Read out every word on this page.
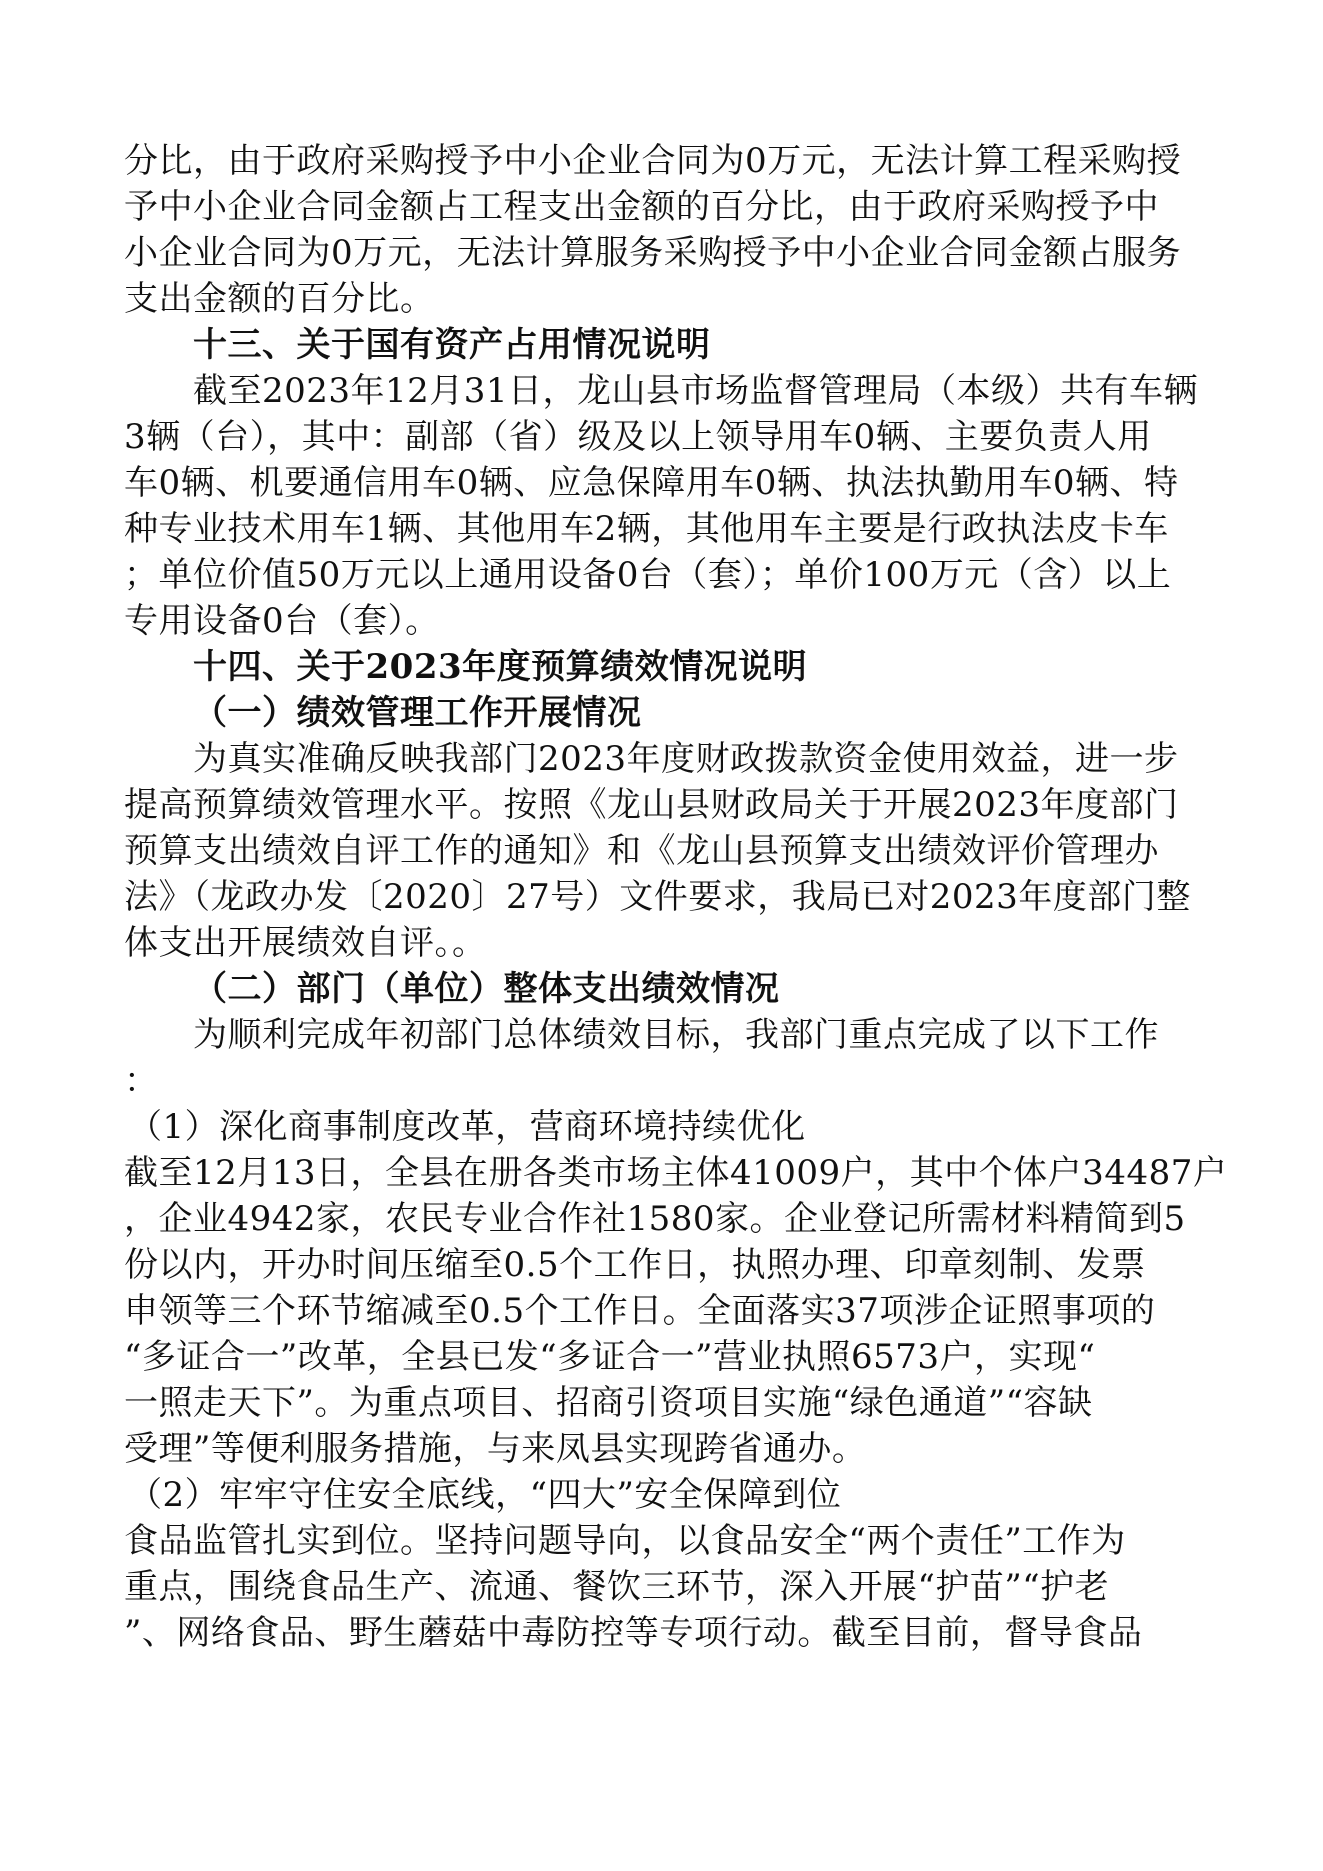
分比，由于政府采购授予中小企业合同为0万元，无法计算工程采购授
予中小企业合同金额占工程支出金额的百分比，由于政府采购授予中
小企业合同为0万元，无法计算服务采购授予中小企业合同金额占服务
支出金额的百分比。
十三、关于国有资产占用情况说明
截至2023年12月31日，龙山县市场监督管理局（本级）共有车辆
3辆（台），其中：副部（省）级及以上领导用车0辆、主要负责人用
车0辆、机要通信用车0辆、应急保障用车0辆、执法执勤用车0辆、特
种专业技术用车1辆、其他用车2辆，其他用车主要是行政执法皮卡车
；单位价值50万元以上通用设备0台（套）；单价100万元（含）以上
专用设备0台（套）。
十四、关于2023年度预算绩效情况说明
（一）绩效管理工作开展情况
为真实准确反映我部门2023年度财政拨款资金使用效益，进一步
提高预算绩效管理水平。按照《龙山县财政局关于开展2023年度部门
预算支出绩效自评工作的通知》和《龙山县预算支出绩效评价管理办
法》（龙政办发〔2020〕27号）文件要求，我局已对2023年度部门整
体支出开展绩效自评。。
（二）部门（单位）整体支出绩效情况
为顺利完成年初部门总体绩效目标，我部门重点完成了以下工作
：
（1）深化商事制度改革，营商环境持续优化
截至12月13日，全县在册各类市场主体41009户，其中个体户34487户
，企业4942家，农民专业合作社1580家。企业登记所需材料精简到5
份以内，开办时间压缩至0.5个工作日，执照办理、印章刻制、发票
申领等三个环节缩减至0.5个工作日。全面落实37项涉企证照事项的
“多证合一”改革，全县已发“多证合一”营业执照6573户，实现“
一照走天下”。为重点项目、招商引资项目实施“绿色通道”“容缺
受理”等便利服务措施，与来凤县实现跨省通办。
（2）牢牢守住安全底线，“四大”安全保障到位
食品监管扎实到位。坚持问题导向，以食品安全“两个责任”工作为
重点，围绕食品生产、流通、餐饮三环节，深入开展“护苗”“护老
”、网络食品、野生蘑菇中毒防控等专项行动。截至目前，督导食品
